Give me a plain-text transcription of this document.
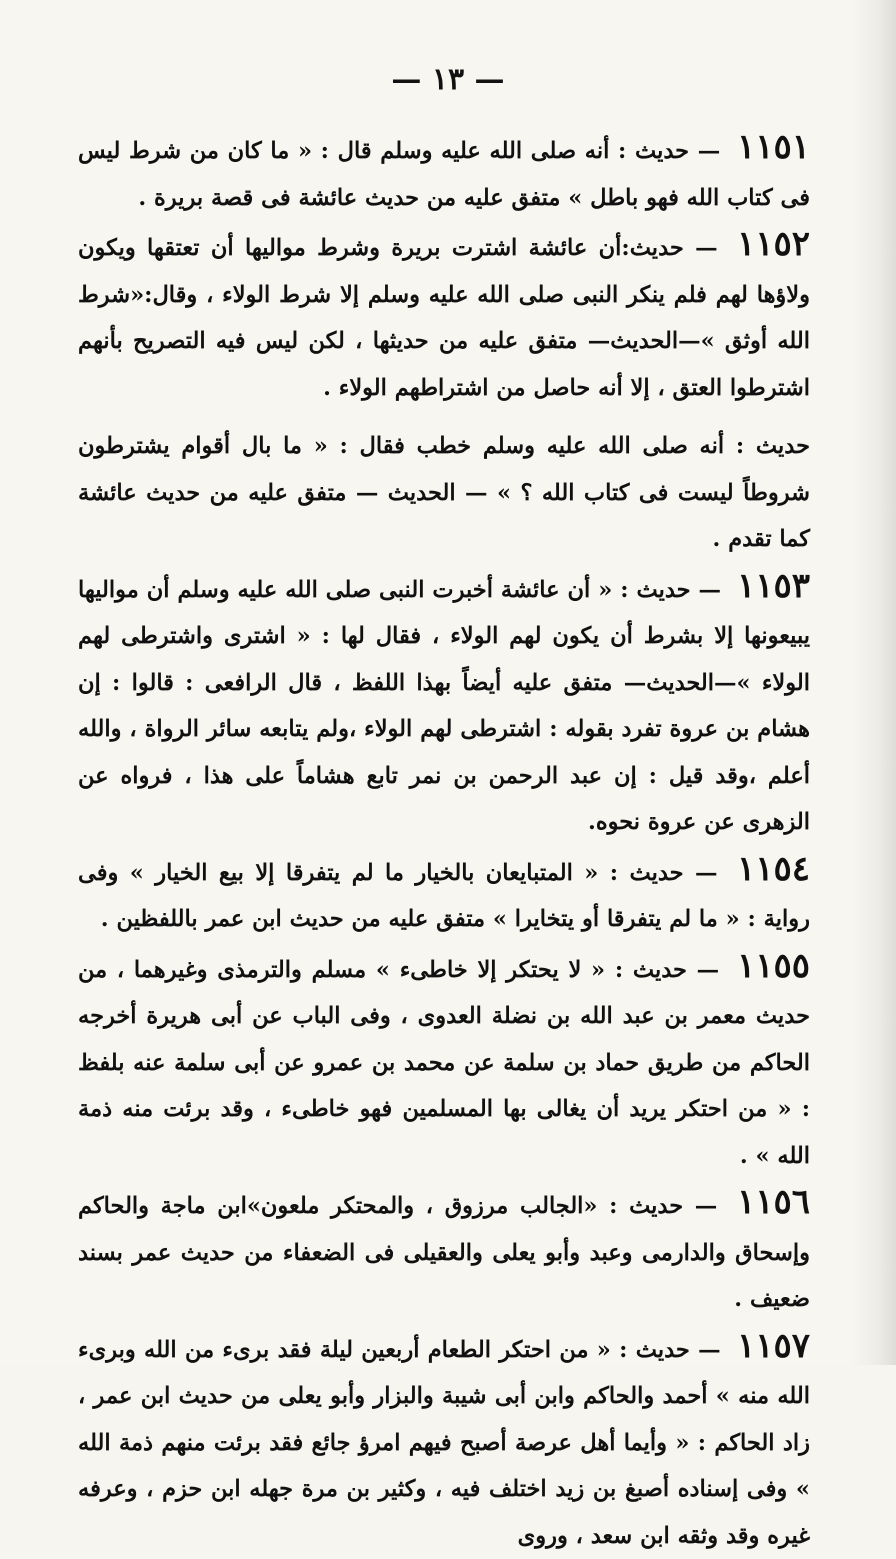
— ١٣ —

١١٥١ — حديث : أنه صلى الله عليه وسلم قال : « ما كان من شرط ليس فى كتاب الله فهو باطل » متفق عليه من حديث عائشة فى قصة بريرة .

١١٥٢ — حديث:أن عائشة اشترت بريرة وشرط مواليها أن تعتقها ويكون ولاؤها لهم فلم ينكر النبى صلى الله عليه وسلم إلا شرط الولاء ، وقال:«شرط الله أوثق »—الحديث— متفق عليه من حديثها ، لكن ليس فيه التصريح بأنهم اشترطوا العتق ، إلا أنه حاصل من اشتراطهم الولاء .

حديث : أنه صلى الله عليه وسلم خطب فقال : « ما بال أقوام يشترطون شروطاً ليست فى كتاب الله ؟ » — الحديث — متفق عليه من حديث عائشة كما تقدم .

١١٥٣ — حديث : « أن عائشة أخبرت النبى صلى الله عليه وسلم أن مواليها يبيعونها إلا بشرط أن يكون لهم الولاء ، فقال لها : « اشترى واشترطى لهم الولاء »—الحديث— متفق عليه أيضاً بهذا اللفظ ، قال الرافعى : قالوا : إن هشام بن عروة تفرد بقوله : اشترطى لهم الولاء ،ولم يتابعه سائر الرواة ، والله أعلم ،وقد قيل : إن عبد الرحمن بن نمر تابع هشاماً على هذا ، فرواه عن الزهرى عن عروة نحوه.

١١٥٤ — حديث : « المتبايعان بالخيار ما لم يتفرقا إلا بيع الخيار » وفى رواية : « ما لم يتفرقا أو يتخايرا » متفق عليه من حديث ابن عمر باللفظين .

١١٥٥ — حديث : « لا يحتكر إلا خاطىء » مسلم والترمذى وغيرهما ، من حديث معمر بن عبد الله بن نضلة العدوى ، وفى الباب عن أبى هريرة أخرجه الحاكم من طريق حماد بن سلمة عن محمد بن عمرو عن أبى سلمة عنه بلفظ : « من احتكر يريد أن يغالى بها المسلمين فهو خاطىء ، وقد برئت منه ذمة الله » .

١١٥٦ — حديث : «الجالب مرزوق ، والمحتكر ملعون»ابن ماجة والحاكم وإسحاق والدارمى وعبد وأبو يعلى والعقيلى فى الضعفاء من حديث عمر بسند ضعيف .

١١٥٧ — حديث : « من احتكر الطعام أربعين ليلة فقد برىء من الله وبرىء الله منه » أحمد والحاكم وابن أبى شيبة والبزار وأبو يعلى من حديث ابن عمر ، زاد الحاكم : « وأيما أهل عرصة أصبح فيهم امرؤ جائع فقد برئت منهم ذمة الله » وفى إسناده أصبغ بن زيد اختلف فيه ، وكثير بن مرة جهله ابن حزم ، وعرفه غيره وقد وثقه ابن سعد ، وروى
